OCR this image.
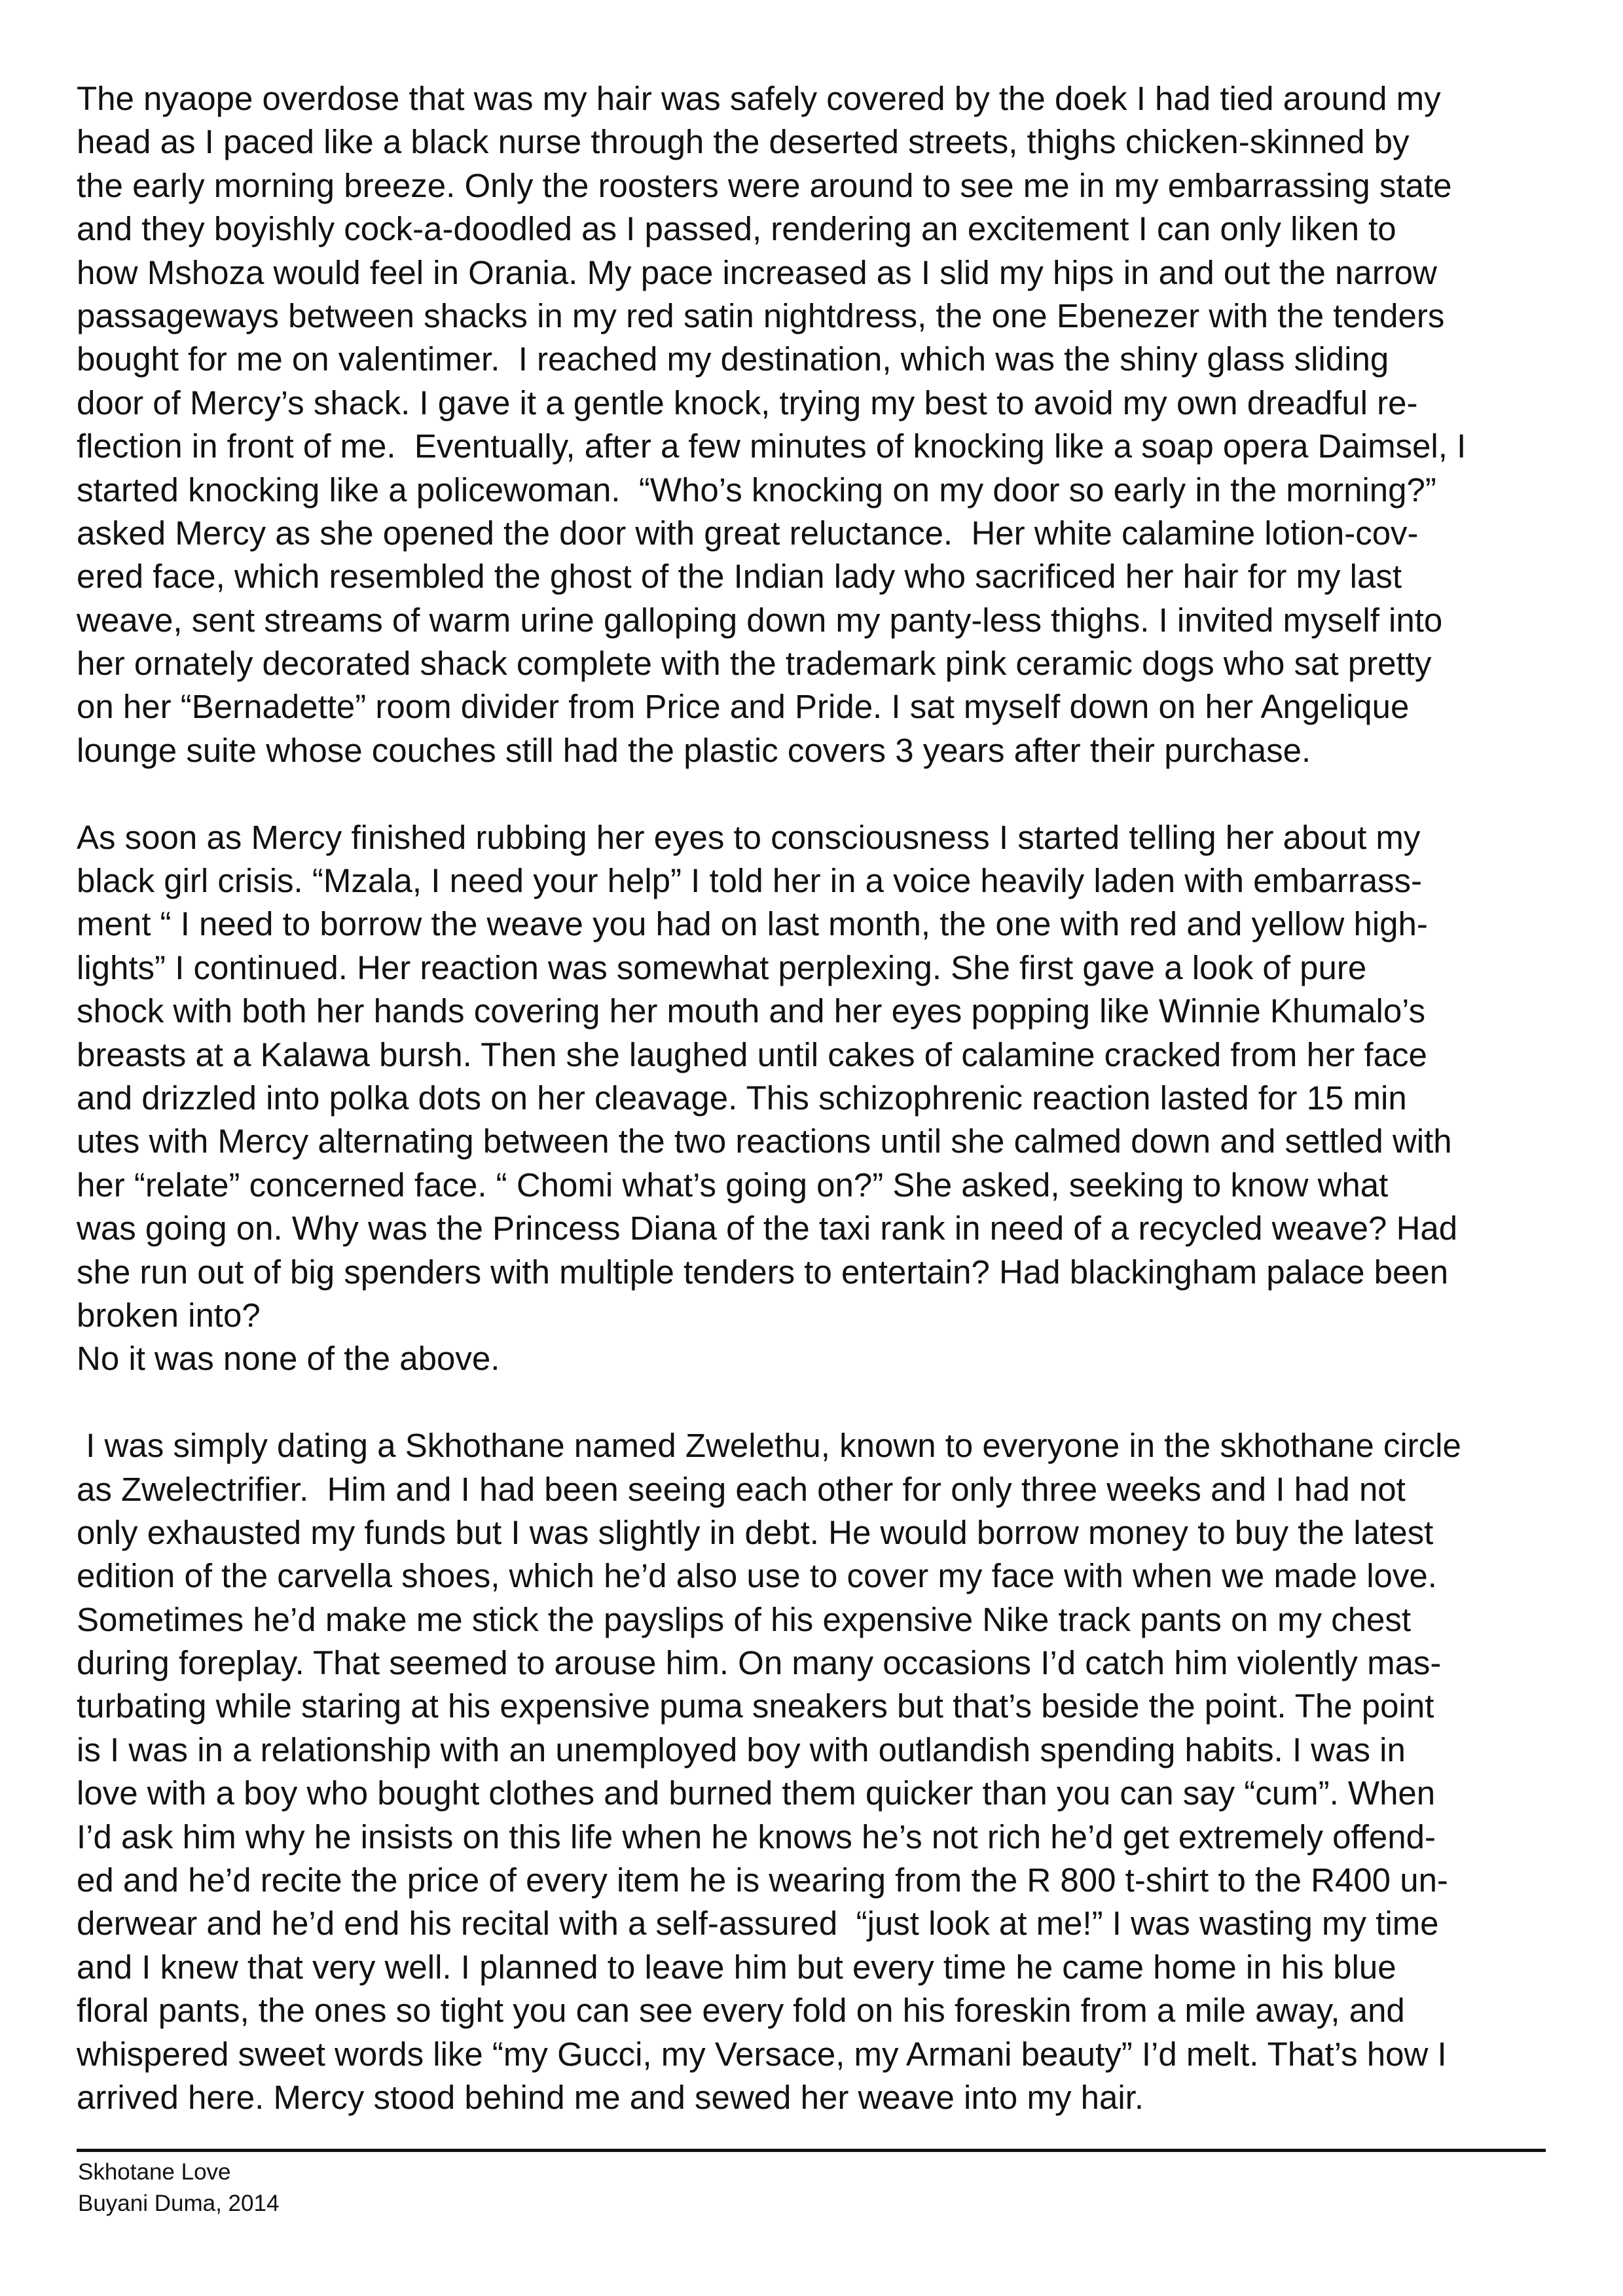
The nyaope overdose that was my hair was safely covered by the doek I had tied around my
head as I paced like a black nurse through the deserted streets, thighs chicken-skinned by
the early morning breeze. Only the roosters were around to see me in my embarrassing state
and they boyishly cock-a-doodled as I passed, rendering an excitement I can only liken to
how Mshoza would feel in Orania. My pace increased as I slid my hips in and out the narrow
passageways between shacks in my red satin nightdress, the one Ebenezer with the tenders
bought for me on valentimer.  I reached my destination, which was the shiny glass sliding
door of Mercy’s shack. I gave it a gentle knock, trying my best to avoid my own dreadful re-
flection in front of me.  Eventually, after a few minutes of knocking like a soap opera Daimsel, I
started knocking like a policewoman.  “Who’s knocking on my door so early in the morning?”
asked Mercy as she opened the door with great reluctance.  Her white calamine lotion-cov-
ered face, which resembled the ghost of the Indian lady who sacrificed her hair for my last
weave, sent streams of warm urine galloping down my panty-less thighs. I invited myself into
her ornately decorated shack complete with the trademark pink ceramic dogs who sat pretty
on her “Bernadette” room divider from Price and Pride. I sat myself down on her Angelique
lounge suite whose couches still had the plastic covers 3 years after their purchase.
As soon as Mercy finished rubbing her eyes to consciousness I started telling her about my
black girl crisis. “Mzala, I need your help” I told her in a voice heavily laden with embarrass-
ment “ I need to borrow the weave you had on last month, the one with red and yellow high-
lights” I continued. Her reaction was somewhat perplexing. She first gave a look of pure
shock with both her hands covering her mouth and her eyes popping like Winnie Khumalo’s
breasts at a Kalawa bursh. Then she laughed until cakes of calamine cracked from her face
and drizzled into polka dots on her cleavage. This schizophrenic reaction lasted for 15 min
utes with Mercy alternating between the two reactions until she calmed down and settled with
her “relate” concerned face. “ Chomi what’s going on?” She asked, seeking to know what
was going on. Why was the Princess Diana of the taxi rank in need of a recycled weave? Had
she run out of big spenders with multiple tenders to entertain? Had blackingham palace been
broken into?
No it was none of the above.
I was simply dating a Skhothane named Zwelethu, known to everyone in the skhothane circle
as Zwelectrifier.  Him and I had been seeing each other for only three weeks and I had not
only exhausted my funds but I was slightly in debt. He would borrow money to buy the latest
edition of the carvella shoes, which he’d also use to cover my face with when we made love.
Sometimes he’d make me stick the payslips of his expensive Nike track pants on my chest
during foreplay. That seemed to arouse him. On many occasions I’d catch him violently mas-
turbating while staring at his expensive puma sneakers but that’s beside the point. The point
is I was in a relationship with an unemployed boy with outlandish spending habits. I was in
love with a boy who bought clothes and burned them quicker than you can say “cum”. When
I’d ask him why he insists on this life when he knows he’s not rich he’d get extremely offend-
ed and he’d recite the price of every item he is wearing from the R 800 t-shirt to the R400 un-
derwear and he’d end his recital with a self-assured  “just look at me!” I was wasting my time
and I knew that very well. I planned to leave him but every time he came home in his blue
floral pants, the ones so tight you can see every fold on his foreskin from a mile away, and
whispered sweet words like “my Gucci, my Versace, my Armani beauty” I’d melt. That’s how I
arrived here. Mercy stood behind me and sewed her weave into my hair.
Skhotane Love
Buyani Duma, 2014
